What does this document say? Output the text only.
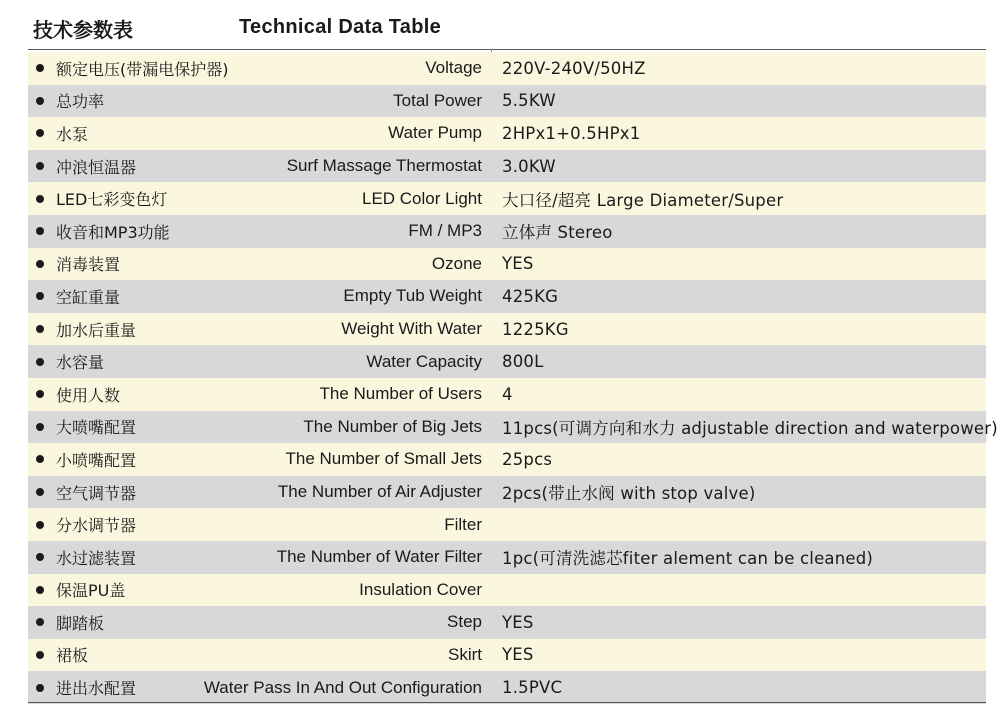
技术参数表	Technical Data Table
额定电压(带漏电保护器)	Voltage 220V-240V/50HZ
总功率	Total Power 5.5KW
水泵	Water Pump 2HPx1+0.5HPx1
冲浪恒温器	Surf Massage Thermostat 3.0KW
LED七彩变色灯	LED Color Light 大口径/超亮 Large Diameter/Super
收音和MP3功能	FM / MP3 立体声 Stereo
消毒装置	Ozone YES
空缸重量	Empty Tub Weight 425KG
加水后重量	Weight With Water 1225KG
水容量	Water Capacity 800L
使用人数	The Number of Users 4
大喷嘴配置	The Number of Big Jets 11pcs(可调方向和水力 adjustable direction and waterpower)
小喷嘴配置	The Number of Small Jets 25pcs
空气调节器	The Number of Air Adjuster 2pcs(带止水阀 with stop valve)
分水调节器	Filter
水过滤装置	The Number of Water Filter 1pc(可清洗滤芯fiter alement can be cleaned)
保温PU盖	Insulation Cover
脚踏板	Step YES
裙板	Skirt YES
进出水配置	Water Pass In And Out Configuration 1.5PVC
